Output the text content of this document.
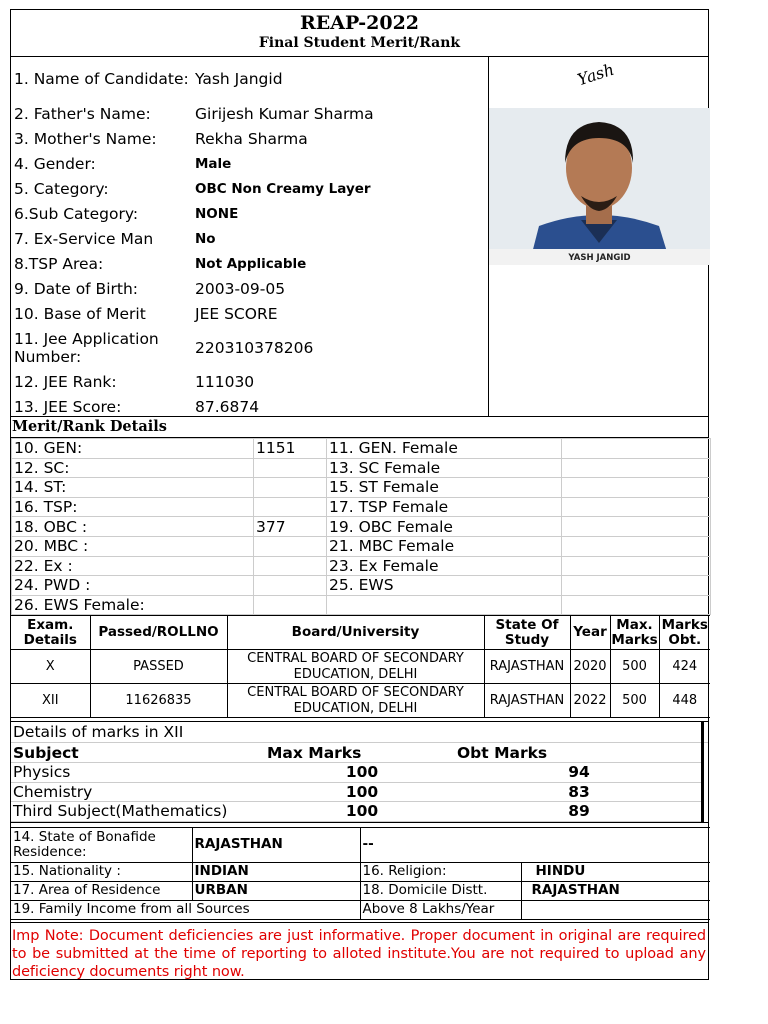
REAP-2022
Final Student Merit/Rank
1. Name of Candidate: Yash Jangid
2. Father's Name:	Girijesh Kumar Sharma
3. Mother's Name:	Rekha Sharma
4. Gender:	Male
5. Category:	OBC Non Creamy Layer
6.Sub Category:	NONE
7. Ex-Service Man	No
8.TSP Area:	Not Applicable
9. Date of Birth:	2003-09-05
10. Base of Merit	JEE SCORE
11. Jee Application Number:	220310378206
12. JEE Rank:	111030
13. JEE Score:	87.6874
Yash
YASH JANGID
Merit/Rank Details
10. GEN:	1151	11. GEN. Female	
12. SC:		13. SC Female	
14. ST:		15. ST Female	
16. TSP:		17. TSP Female	
18. OBC :	377	19. OBC Female	
20. MBC :		21. MBC Female	
22. Ex :		23. Ex Female	
24. PWD :		25. EWS	
26. EWS Female:			
Exam. Details	Passed/ROLLNO	Board/University	State Of Study	Year	Max. Marks	Marks Obt.
X	PASSED	CENTRAL BOARD OF SECONDARY EDUCATION, DELHI	RAJASTHAN	2020	500	424
XII	11626835	CENTRAL BOARD OF SECONDARY EDUCATION, DELHI	RAJASTHAN	2022	500	448
Details of marks in XII
Subject	Max Marks	Obt Marks
Physics	100	94
Chemistry	100	83
Third Subject(Mathematics)	100	89
14. State of Bonafide Residence:	RAJASTHAN	--	
15. Nationality :	INDIAN	16. Religion:	HINDU
17. Area of Residence	URBAN	18. Domicile Distt.	RAJASTHAN
19. Family Income from all Sources		Above 8 Lakhs/Year	
Imp Note: Document deficiencies are just informative. Proper document in original are required to be submitted at the time of reporting to alloted institute.You are not required to upload any deficiency documents right now.
